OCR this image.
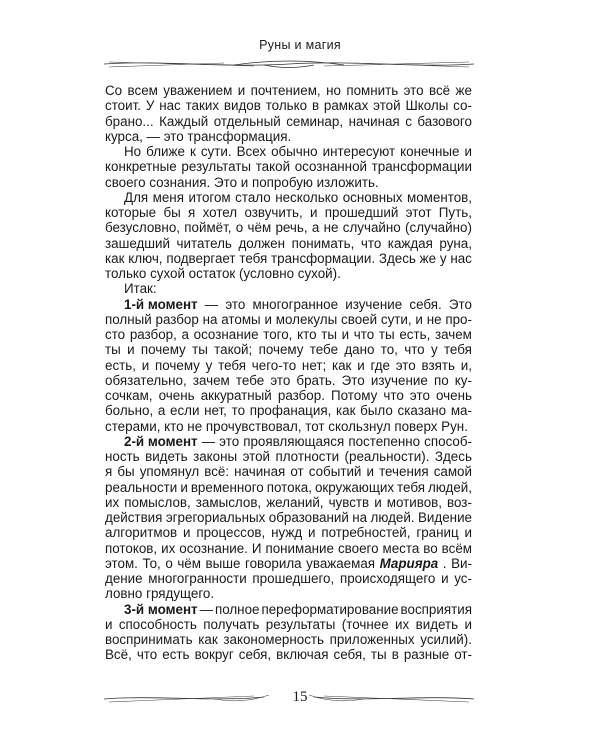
Руны и магия
Со всем уважением и почтением, но помнить это всё же
стоит. У нас таких видов только в рамках этой Школы со-
брано... Каждый отдельный семинар, начиная с базового
курса, — это трансформация.
Но ближе к сути. Всех обычно интересуют конечные и
конкретные результаты такой осознанной трансформации
своего сознания. Это и попробую изложить.
Для меня итогом стало несколько основных моментов,
которые бы я хотел озвучить, и прошедший этот Путь,
безусловно, поймёт, о чём речь, а не случайно (случайно)
зашедший читатель должен понимать, что каждая руна,
как ключ, подвергает тебя трансформации. Здесь же у нас
только сухой остаток (условно сухой).
Итак:
1-й момент — это многогранное изучение себя. Это
полный разбор на атомы и молекулы своей сути, и не про-
сто разбор, а осознание того, кто ты и что ты есть, зачем
ты и почему ты такой; почему тебе дано то, что у тебя
есть, и почему у тебя чего-то нет; как и где это взять и,
обязательно, зачем тебе это брать. Это изучение по ку-
сочкам, очень аккуратный разбор. Потому что это очень
больно, а если нет, то профанация, как было сказано ма-
стерами, кто не прочувствовал, тот скользнул поверх Рун.
2-й момент — это проявляющаяся постепенно способ-
ность видеть законы этой плотности (реальности). Здесь
я бы упомянул всё: начиная от событий и течения самой
реальности и временного потока, окружающих тебя людей,
их помыслов, замыслов, желаний, чувств и мотивов, воз-
действия эгрегориальных образований на людей. Видение
алгоритмов и процессов, нужд и потребностей, границ и
потоков, их осознание. И понимание своего места во всём
этом. То, о чём выше говорила уважаемая Марияра . Ви-
дение многогранности прошедшего, происходящего и ус-
ловно грядущего.
3-й момент — полное переформатирование восприятия
и способность получать результаты (точнее их видеть и
воспринимать как закономерность приложенных усилий).
Всё, что есть вокруг себя, включая себя, ты в разные от-
15
